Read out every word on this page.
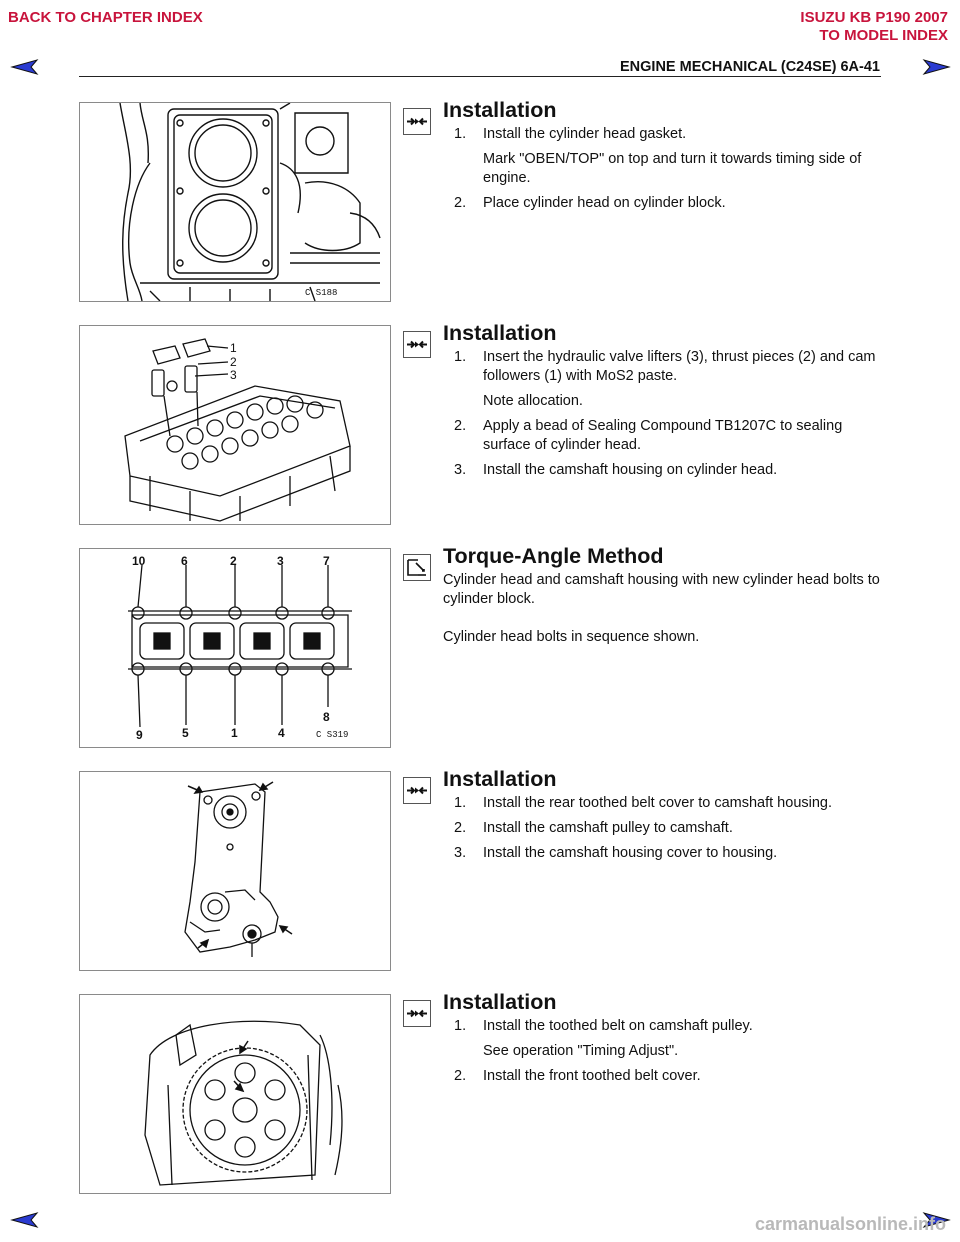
BACK TO CHAPTER INDEX	ISUZU KB P190 2007
TO MODEL INDEX
ENGINE MECHANICAL (C24SE) 6A-41
C S188
Installation
1. Install the cylinder head gasket.
Mark "OBEN/TOP" on top and turn it towards timing side of engine.
2. Place cylinder head on cylinder block.
1
2
3
Installation
1. Insert the hydraulic valve lifters (3), thrust pieces (2) and cam followers (1) with MoS2 paste.
Note allocation.
2. Apply a bead of Sealing Compound TB1207C to sealing surface of cylinder head.
3. Install the camshaft housing on cylinder head.
10	6	2	3	7
9	5	1	4
8
C S319
Torque-Angle Method
Cylinder head and camshaft housing with new cylinder head bolts to cylinder block.
Cylinder head bolts in sequence shown.
Installation
1. Install the rear toothed belt cover to camshaft housing.
2. Install the camshaft pulley to camshaft.
3. Install the camshaft housing cover to housing.
Installation
1. Install the toothed belt on camshaft pulley.
See operation "Timing Adjust".
2. Install the front toothed belt cover.
carmanualsonline.info
